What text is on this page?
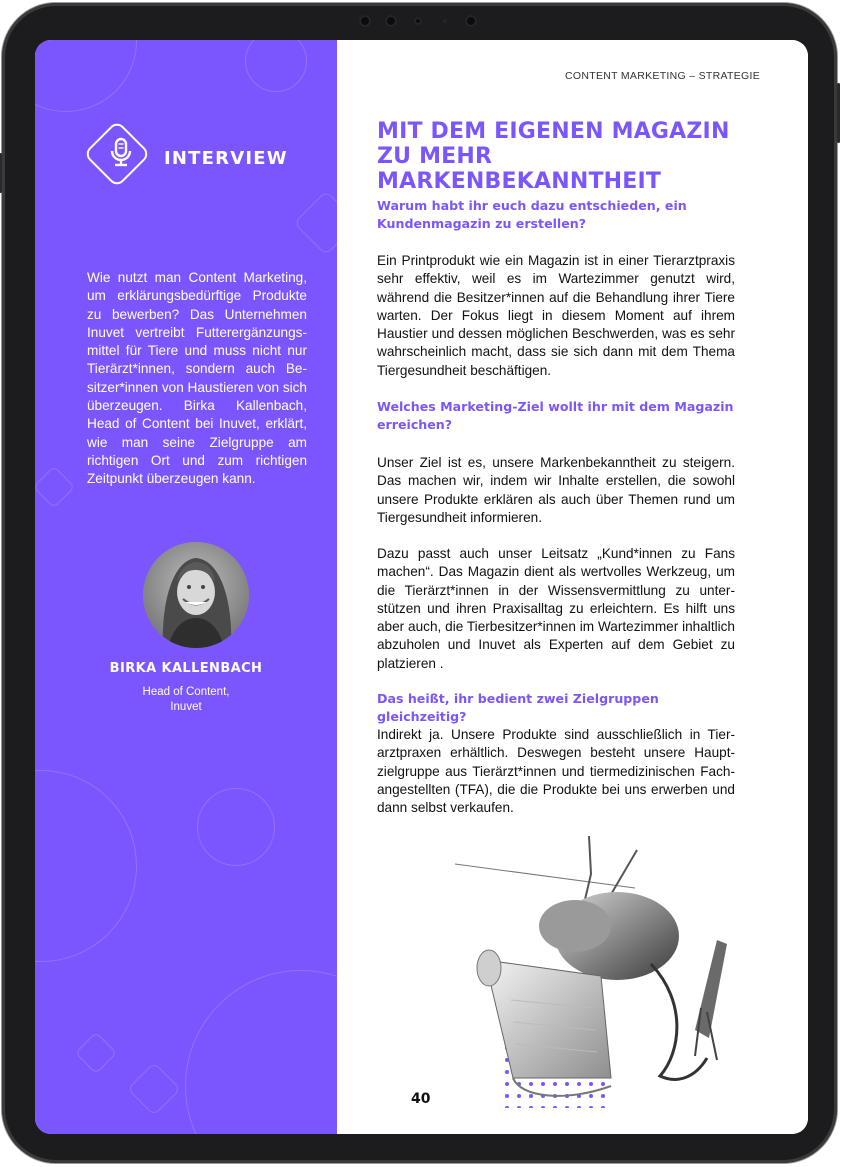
INTERVIEW
Wie nutzt man Content Marketing, um erklärungsbedürftige Produkte zu bewerben? Das Unternehmen Inuvet vertreibt Futterergänzungsmittel für Tiere und muss nicht nur Tierärzt*innen, sondern auch Besitzer*innen von Haustieren von sich überzeugen. Birka Kallenbach, Head of Content bei Inuvet, erklärt, wie man seine Zielgruppe am richtigen Ort und zum richtigen Zeitpunkt überzeugen kann.
BIRKA KALLENBACH
Head of Content,
Inuvet
CONTENT MARKETING – STRATEGIE
MIT DEM EIGENEN MAGAZIN ZU MEHR MARKENBEKANNTHEIT
Warum habt ihr euch dazu entschieden, ein Kundenmagazin zu erstellen?
Ein Printprodukt wie ein Magazin ist in einer Tierarztpraxis sehr effektiv, weil es im Wartezimmer genutzt wird, während die Besitzer*innen auf die Behandlung ihrer Tiere warten. Der Fokus liegt in diesem Moment auf ihrem Haustier und dessen möglichen Beschwerden, was es sehr wahrscheinlich macht, dass sie sich dann mit dem Thema Tiergesundheit beschäftigen.
Welches Marketing-Ziel wollt ihr mit dem Magazin erreichen?
Unser Ziel ist es, unsere Markenbekanntheit zu steigern. Das machen wir, indem wir Inhalte erstellen, die sowohl unsere Produkte erklären als auch über Themen rund um Tiergesundheit informieren.
Dazu passt auch unser Leitsatz „Kund*innen zu Fans machen“. Das Magazin dient als wertvolles Werkzeug, um die Tierärzt*innen in der Wissensvermittlung zu unterstützen und ihren Praxisalltag zu erleichtern. Es hilft uns aber auch, die Tierbesitzer*innen im Wartezimmer inhaltlich abzuholen und Inuvet als Experten auf dem Gebiet zu platzieren .
Das heißt, ihr bedient zwei Zielgruppen gleichzeitig?
Indirekt ja. Unsere Produkte sind ausschließlich in Tierarztpraxen erhältlich. Deswegen besteht unsere Hauptzielgruppe aus Tierärzt*innen und tiermedizinischen Fachangestellten (TFA), die die Produkte bei uns erwerben und dann selbst verkaufen.
40
